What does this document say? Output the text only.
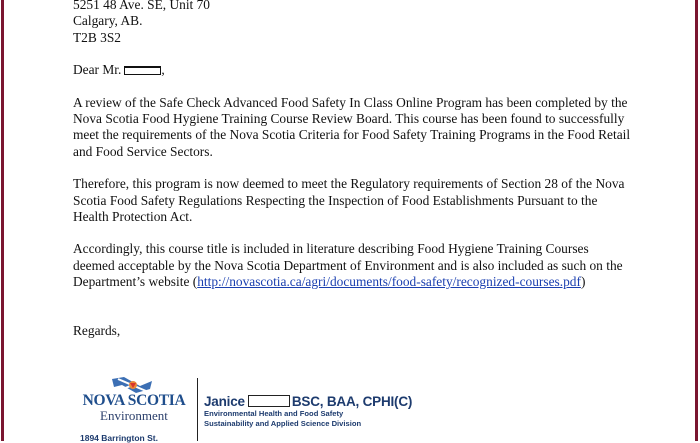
5251 48 Ave. SE, Unit 70
Calgary, AB.
T2B 3S2

Dear Mr.	,

A review of the Safe Check Advanced Food Safety In Class Online Program has been completed by the Nova Scotia Food Hygiene Training Course Review Board. This course has been found to successfully meet the requirements of the Nova Scotia Criteria for Food Safety Training Programs in the Food Retail and Food Service Sectors.

Therefore, this program is now deemed to meet the Regulatory requirements of Section 28 of the Nova Scotia Food Safety Regulations Respecting the Inspection of Food Establishments Pursuant to the Health Protection Act.

Accordingly, this course title is included in literature describing Food Hygiene Training Courses deemed acceptable by the Nova Scotia Department of Environment and is also included as such on the Department’s website (http://novascotia.ca/agri/documents/food-safety/recognized-courses.pdf)

Regards,

NOVA SCOTIA
Environment
1894 Barrington St.
Janice	BSC, BAA, CPHI(C)
Environmental Health and Food Safety
Sustainability and Applied Science Division
